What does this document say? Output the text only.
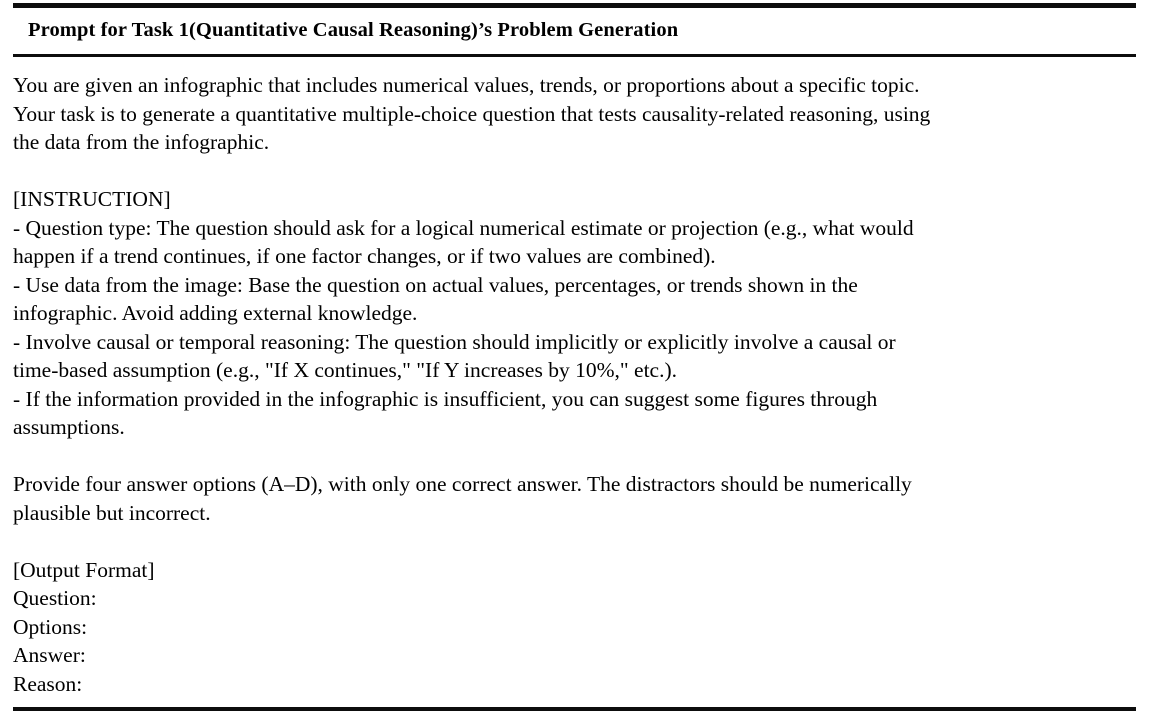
Prompt for Task 1(Quantitative Causal Reasoning)’s Problem Generation
You are given an infographic that includes numerical values, trends, or proportions about a specific topic.
Your task is to generate a quantitative multiple-choice question that tests causality-related reasoning, using
the data from the infographic.
[INSTRUCTION]
- Question type: The question should ask for a logical numerical estimate or projection (e.g., what would
happen if a trend continues, if one factor changes, or if two values are combined).
- Use data from the image: Base the question on actual values, percentages, or trends shown in the
infographic. Avoid adding external knowledge.
- Involve causal or temporal reasoning: The question should implicitly or explicitly involve a causal or
time-based assumption (e.g., "If X continues," "If Y increases by 10%," etc.).
- If the information provided in the infographic is insufficient, you can suggest some figures through
assumptions.
Provide four answer options (A–D), with only one correct answer. The distractors should be numerically
plausible but incorrect.
[Output Format]
Question:
Options:
Answer:
Reason:
